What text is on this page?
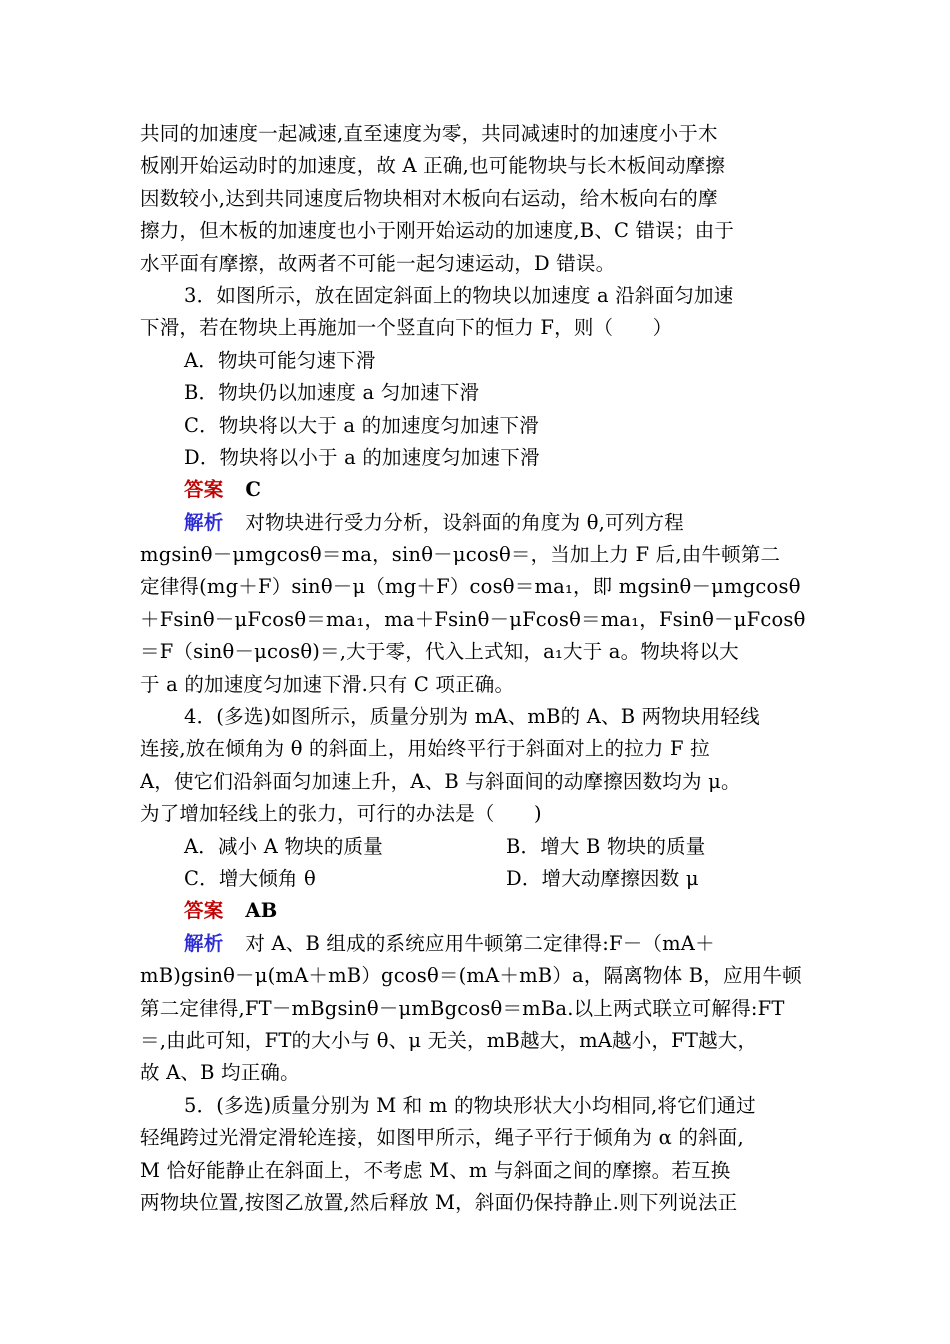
共同的加速度一起减速,直至速度为零，共同减速时的加速度小于木
板刚开始运动时的加速度，故 A 正确,也可能物块与长木板间动摩擦
因数较小,达到共同速度后物块相对木板向右运动，给木板向右的摩
擦力，但木板的加速度也小于刚开始运动的加速度,B、C 错误；由于
水平面有摩擦，故两者不可能一起匀速运动，D 错误。
3．如图所示，放在固定斜面上的物块以加速度 a 沿斜面匀加速
下滑，若在物块上再施加一个竖直向下的恒力 F，则（　　）
A．物块可能匀速下滑
B．物块仍以加速度 a 匀加速下滑
C．物块将以大于 a 的加速度匀加速下滑
D．物块将以小于 a 的加速度匀加速下滑
答案 C
解析 对物块进行受力分析，设斜面的角度为 θ,可列方程
mgsinθ－μmgcosθ＝ma，sinθ－μcosθ＝，当加上力 F 后,由牛顿第二
定律得(mg＋F）sinθ－μ（mg＋F）cosθ＝ma₁，即 mgsinθ－μmgcosθ
＋Fsinθ－μFcosθ＝ma₁，ma＋Fsinθ－μFcosθ＝ma₁，Fsinθ－μFcosθ
＝F（sinθ－μcosθ)＝,大于零，代入上式知，a₁大于 a。物块将以大
于 a 的加速度匀加速下滑.只有 C 项正确。
4．(多选)如图所示，质量分别为 mA、mB的 A、B 两物块用轻线
连接,放在倾角为 θ 的斜面上，用始终平行于斜面对上的拉力 F 拉
A，使它们沿斜面匀加速上升，A、B 与斜面间的动摩擦因数均为 μ。
为了增加轻线上的张力，可行的办法是（　　)
A．减小 A 物块的质量	B．增大 B 物块的质量
C．增大倾角 θ	D．增大动摩擦因数 μ
答案 AB
解析 对 A、B 组成的系统应用牛顿第二定律得:F－（mA＋
mB)gsinθ－μ(mA＋mB）gcosθ＝(mA＋mB）a，隔离物体 B，应用牛顿
第二定律得,FT－mBgsinθ－μmBgcosθ＝mBa.以上两式联立可解得:FT
＝,由此可知，FT的大小与 θ、μ 无关，mB越大，mA越小，FT越大，
故 A、B 均正确。
5．(多选)质量分别为 M 和 m 的物块形状大小均相同,将它们通过
轻绳跨过光滑定滑轮连接，如图甲所示，绳子平行于倾角为 α 的斜面,
M 恰好能静止在斜面上，不考虑 M、m 与斜面之间的摩擦。若互换
两物块位置,按图乙放置,然后释放 M，斜面仍保持静止.则下列说法正
